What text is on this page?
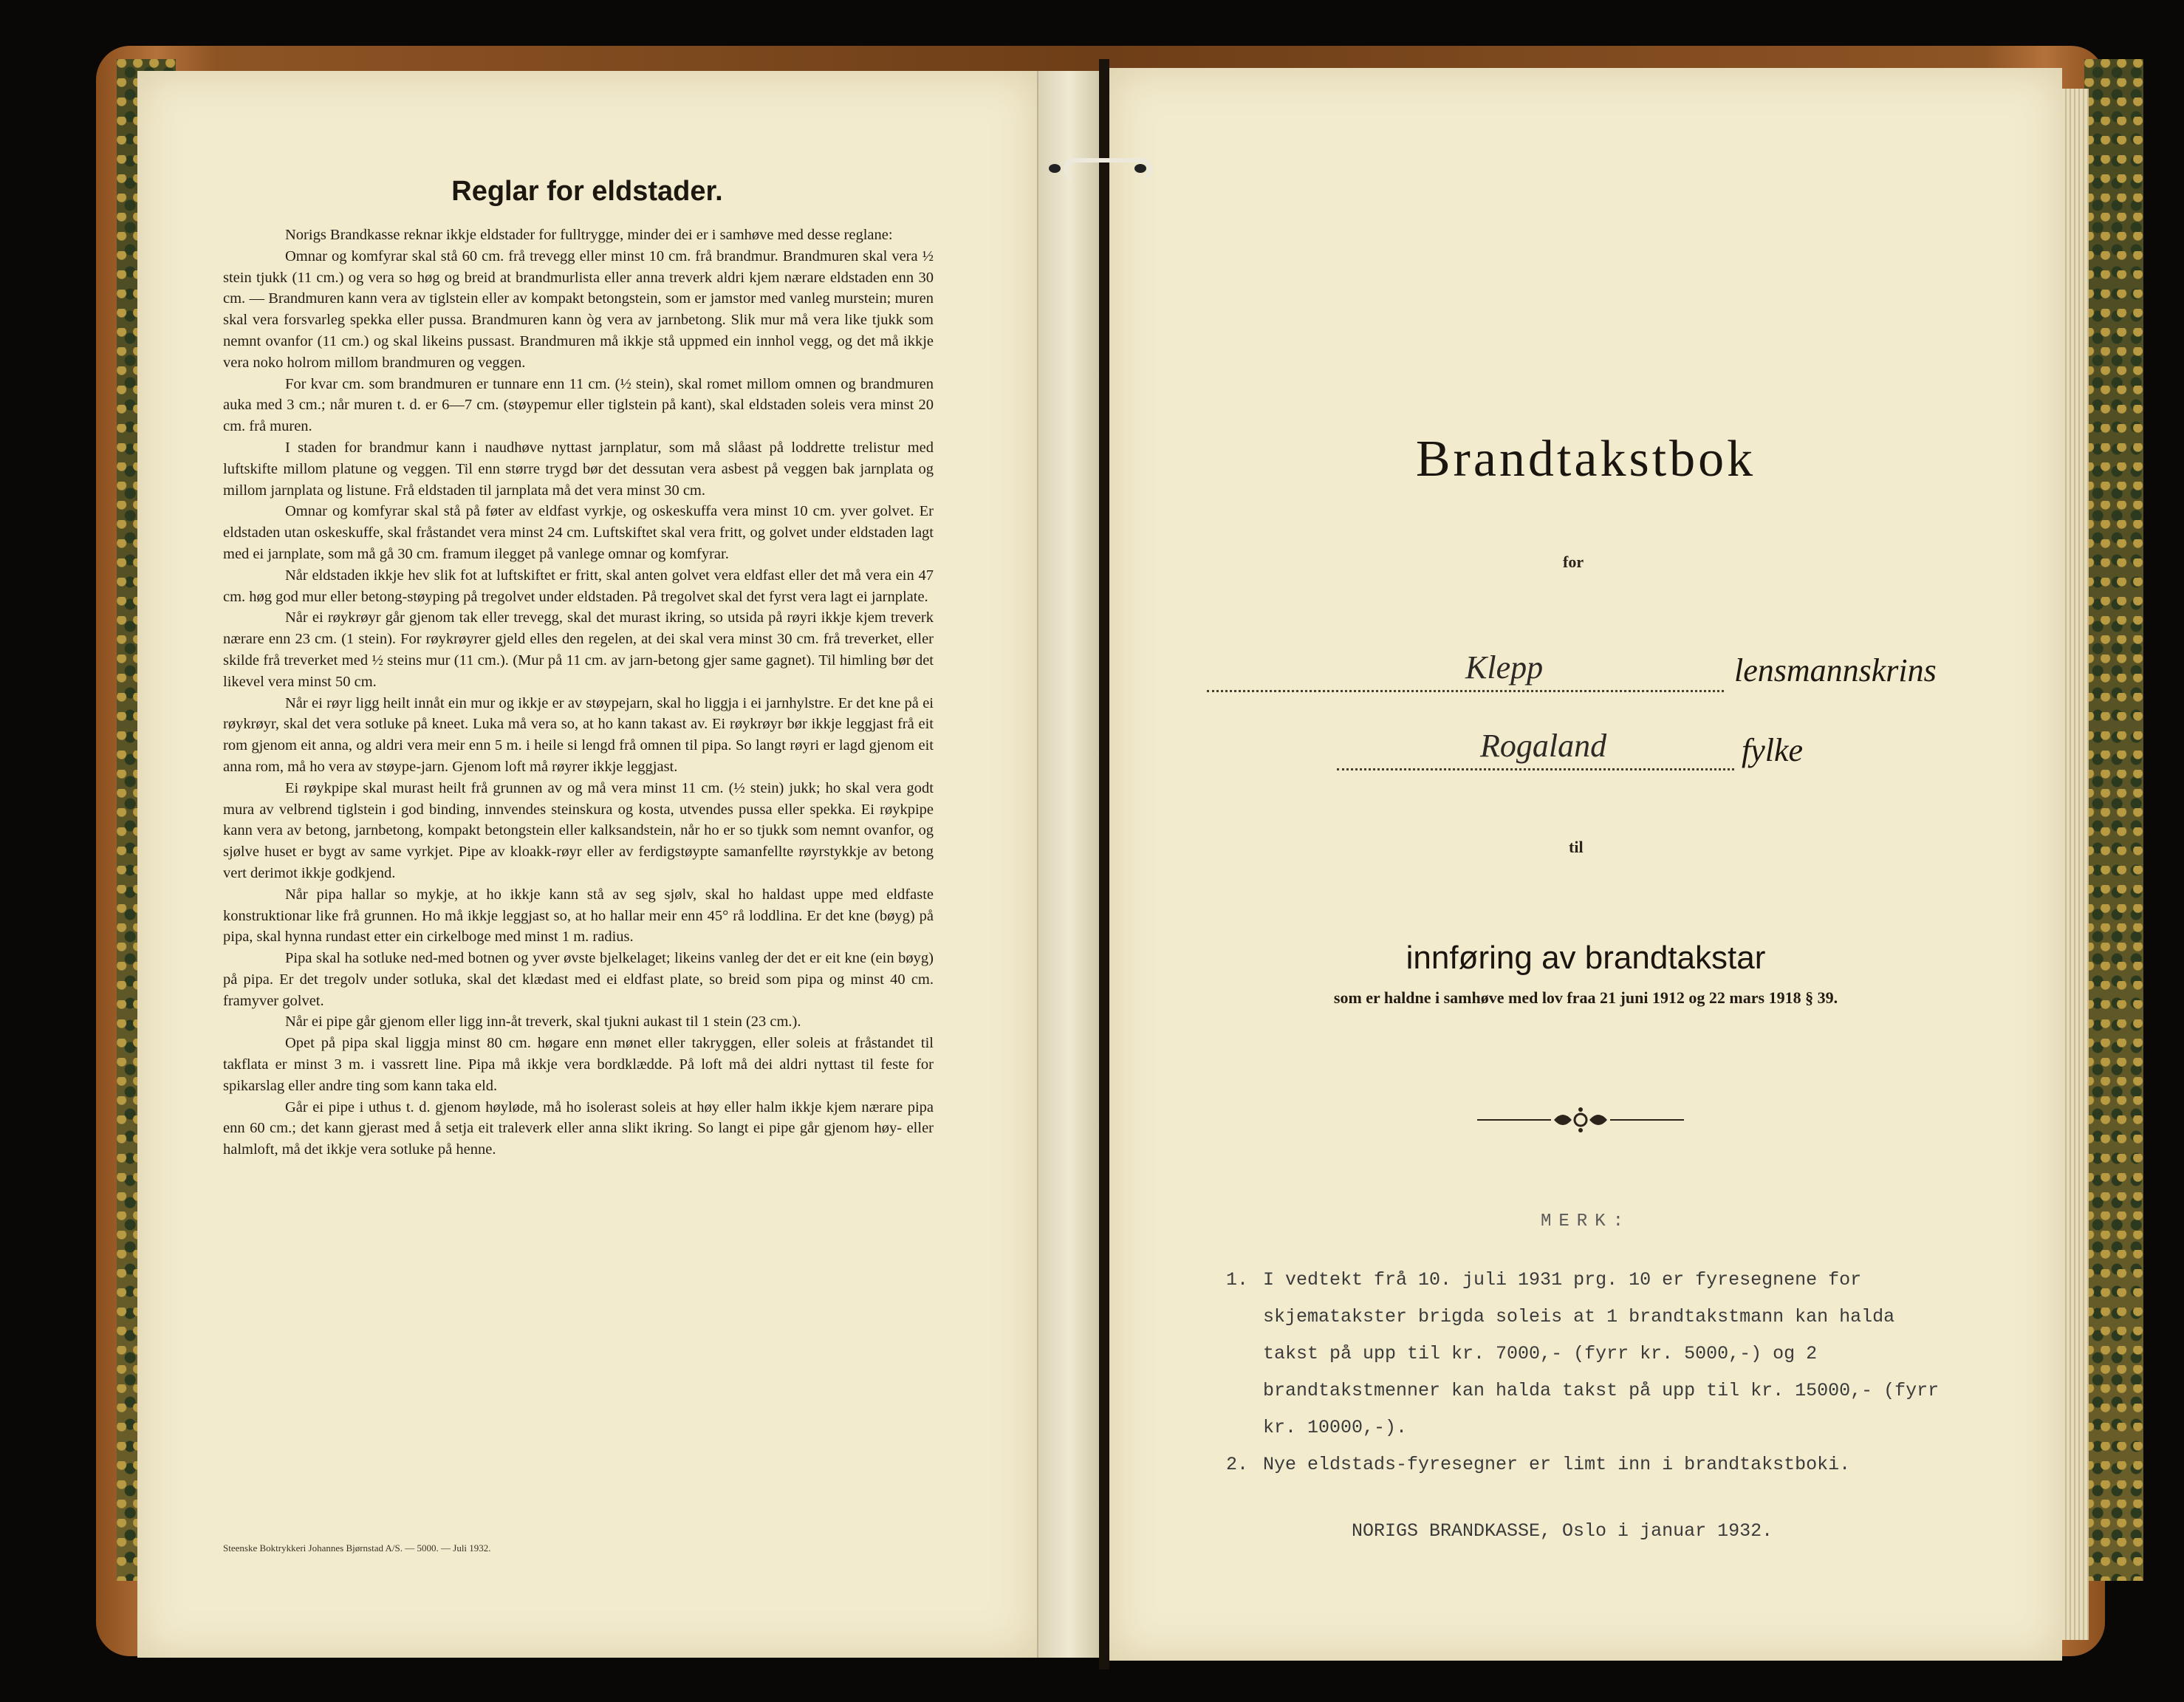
Reglar for eldstader.

Norigs Brandkasse reknar ikkje eldstader for fulltrygge, minder dei er i samhøve med desse reglane:

Omnar og komfyrar skal stå 60 cm. frå trevegg eller minst 10 cm. frå brandmur. Brandmuren skal vera ½ stein tjukk (11 cm.) og vera so høg og breid at brandmurlista eller anna treverk aldri kjem nærare eldstaden enn 30 cm. — Brandmuren kann vera av tiglstein eller av kompakt betongstein, som er jamstor med vanleg murstein; muren skal vera forsvarleg spekka eller pussa. Brandmuren kann òg vera av jarnbetong. Slik mur må vera like tjukk som nemnt ovanfor (11 cm.) og skal likeins pussast. Brandmuren må ikkje stå uppmed ein innhol vegg, og det må ikkje vera noko holrom millom brandmuren og veggen.

For kvar cm. som brandmuren er tunnare enn 11 cm. (½ stein), skal romet millom omnen og brandmuren auka med 3 cm.; når muren t. d. er 6—7 cm. (støypemur eller tiglstein på kant), skal eldstaden soleis vera minst 20 cm. frå muren.

I staden for brandmur kann i naudhøve nyttast jarnplatur, som må slåast på loddrette trelistur med luftskifte millom platune og veggen. Til enn større trygd bør det dessutan vera asbest på veggen bak jarnplata og millom jarnplata og listune. Frå eldstaden til jarnplata må det vera minst 30 cm.

Omnar og komfyrar skal stå på føter av eldfast vyrkje, og oskeskuffa vera minst 10 cm. yver golvet. Er eldstaden utan oskeskuffe, skal fråstandet vera minst 24 cm. Luftskiftet skal vera fritt, og golvet under eldstaden lagt med ei jarnplate, som må gå 30 cm. framum ilegget på vanlege omnar og komfyrar.

Når eldstaden ikkje hev slik fot at luftskiftet er fritt, skal anten golvet vera eldfast eller det må vera ein 47 cm. høg god mur eller betong-støyping på tregolvet under eldstaden. På tregolvet skal det fyrst vera lagt ei jarnplate.

Når ei røykrøyr går gjenom tak eller trevegg, skal det murast ikring, so utsida på røyri ikkje kjem treverk nærare enn 23 cm. (1 stein). For røykrøyrer gjeld elles den regelen, at dei skal vera minst 30 cm. frå treverket, eller skilde frå treverket med ½ steins mur (11 cm.). (Mur på 11 cm. av jarn-betong gjer same gagnet). Til himling bør det likevel vera minst 50 cm.

Når ei røyr ligg heilt innåt ein mur og ikkje er av støypejarn, skal ho liggja i ei jarnhylstre. Er det kne på ei røykrøyr, skal det vera sotluke på kneet. Luka må vera so, at ho kann takast av. Ei røykrøyr bør ikkje leggjast frå eit rom gjenom eit anna, og aldri vera meir enn 5 m. i heile si lengd frå omnen til pipa. So langt røyri er lagd gjenom eit anna rom, må ho vera av støype-jarn. Gjenom loft må røyrer ikkje leggjast.

Ei røykpipe skal murast heilt frå grunnen av og må vera minst 11 cm. (½ stein) jukk; ho skal vera godt mura av velbrend tiglstein i god binding, innvendes steinskura og kosta, utvendes pussa eller spekka. Ei røykpipe kann vera av betong, jarnbetong, kompakt betongstein eller kalksandstein, når ho er so tjukk som nemnt ovanfor, og sjølve huset er bygt av same vyrkjet. Pipe av kloakk-røyr eller av ferdigstøypte samanfellte røyrstykkje av betong vert derimot ikkje godkjend.

Når pipa hallar so mykje, at ho ikkje kann stå av seg sjølv, skal ho haldast uppe med eldfaste konstruktionar like frå grunnen. Ho må ikkje leggjast so, at ho hallar meir enn 45° rå loddlina. Er det kne (bøyg) på pipa, skal hynna rundast etter ein cirkelboge med minst 1 m. radius.

Pipa skal ha sotluke ned-med botnen og yver øvste bjelkelaget; likeins vanleg der det er eit kne (ein bøyg) på pipa. Er det tregolv under sotluka, skal det klædast med ei eldfast plate, so breid som pipa og minst 40 cm. framyver golvet.

Når ei pipe går gjenom eller ligg inn-åt treverk, skal tjukni aukast til 1 stein (23 cm.).

Opet på pipa skal liggja minst 80 cm. høgare enn mønet eller takryggen, eller soleis at fråstandet til takflata er minst 3 m. i vassrett line. Pipa må ikkje vera bordklædde. På loft må dei aldri nyttast til feste for spikarslag eller andre ting som kann taka eld.

Går ei pipe i uthus t. d. gjenom høyløde, må ho isolerast soleis at høy eller halm ikkje kjem nærare pipa enn 60 cm.; det kann gjerast med å setja eit traleverk eller anna slikt ikring. So langt ei pipe går gjenom høy- eller halmloft, må det ikkje vera sotluke på henne.

Steenske Boktrykkeri Johannes Bjørnstad A/S. — 5000. — Juli 1932.
Brandtakstbok
for
Klepp	lensmannskrins
Rogaland	fylke
til
innføring av brandtakstar
som er haldne i samhøve med lov fraa 21 juni 1912 og 22 mars 1918 § 39.
MERK:
1. I vedtekt frå 10. juli 1931 prg. 10 er fyresegnene for skjematakster brigda soleis at 1 brandtakstmann kan halda takst på upp til kr. 7000,- (fyrr kr. 5000,-) og 2 brandtakstmenner kan halda takst på upp til kr. 15000,- (fyrr kr. 10000,-).
2. Nye eldstads-fyresegner er limt inn i brandtakstboki.
NORIGS BRANDKASSE, Oslo i januar 1932.
